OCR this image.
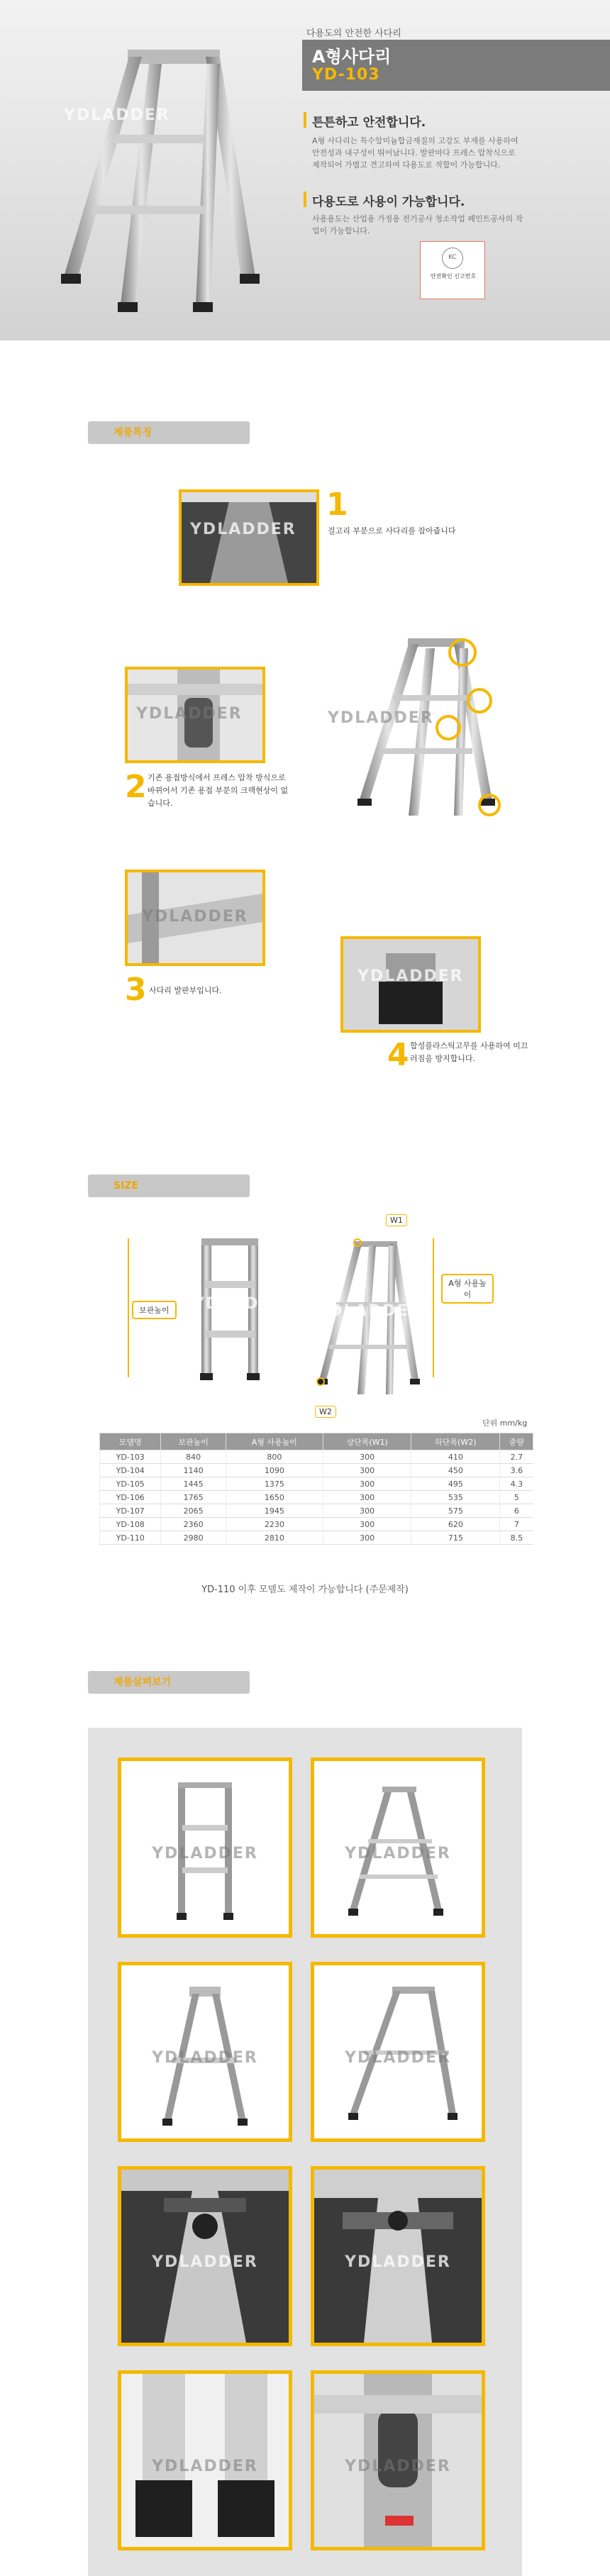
YDLADDER
다용도의 안전한 사다리
A형사다리
YD-103
튼튼하고 안전합니다.
A형 사다리는 특수알미늄합금재질의 고강도 부재를 사용하여 안전성과 내구성이 뛰어납니다. 발판마다 프레스 압착식으로 제작되어 가볍고 견고하여 다용도로 적합이 가능합니다.
다용도로 사용이 가능합니다.
사용용도는 산업용 가정용 전기공사 청소작업 페인트공사의 작업이 가능합니다.
KC
안전확인 신고번호
제품특징
YDLADDER
1
걸고리 부분으로 사다리를 잡아줍니다
YDLADDER
YDLADDER
2 기존 용접방식에서 프레스 압착 방식으로 바뀌어서 기존 용접 부분의 크랙현상이 없습니다.
YDLADDER
3 사다리 발판부입니다.
YDLADDER
4 합성플라스틱고무를 사용하여 미끄러짐을 방지합니다.
SIZE
보관높이	YDLADDER
W1
W2
A형 사용높이
YDLADDER
단위 mm/kg
모델명	보관높이	A형 사용높이	상단폭(W1)	하단폭(W2)	중량
YD-103	840	800	300	410	2.7
YD-104	1140	1090	300	450	3.6
YD-105	1445	1375	300	495	4.3
YD-106	1765	1650	300	535	5
YD-107	2065	1945	300	575	6
YD-108	2360	2230	300	620	7
YD-110	2980	2810	300	715	8.5
YD-110 이후 모델도 제작이 가능합니다 (주문제작)
제품살펴보기
YDLADDER	YDLADDER
YDLADDER	YDLADDER
YDLADDER	YDLADDER
YDLADDER	YDLADDER
